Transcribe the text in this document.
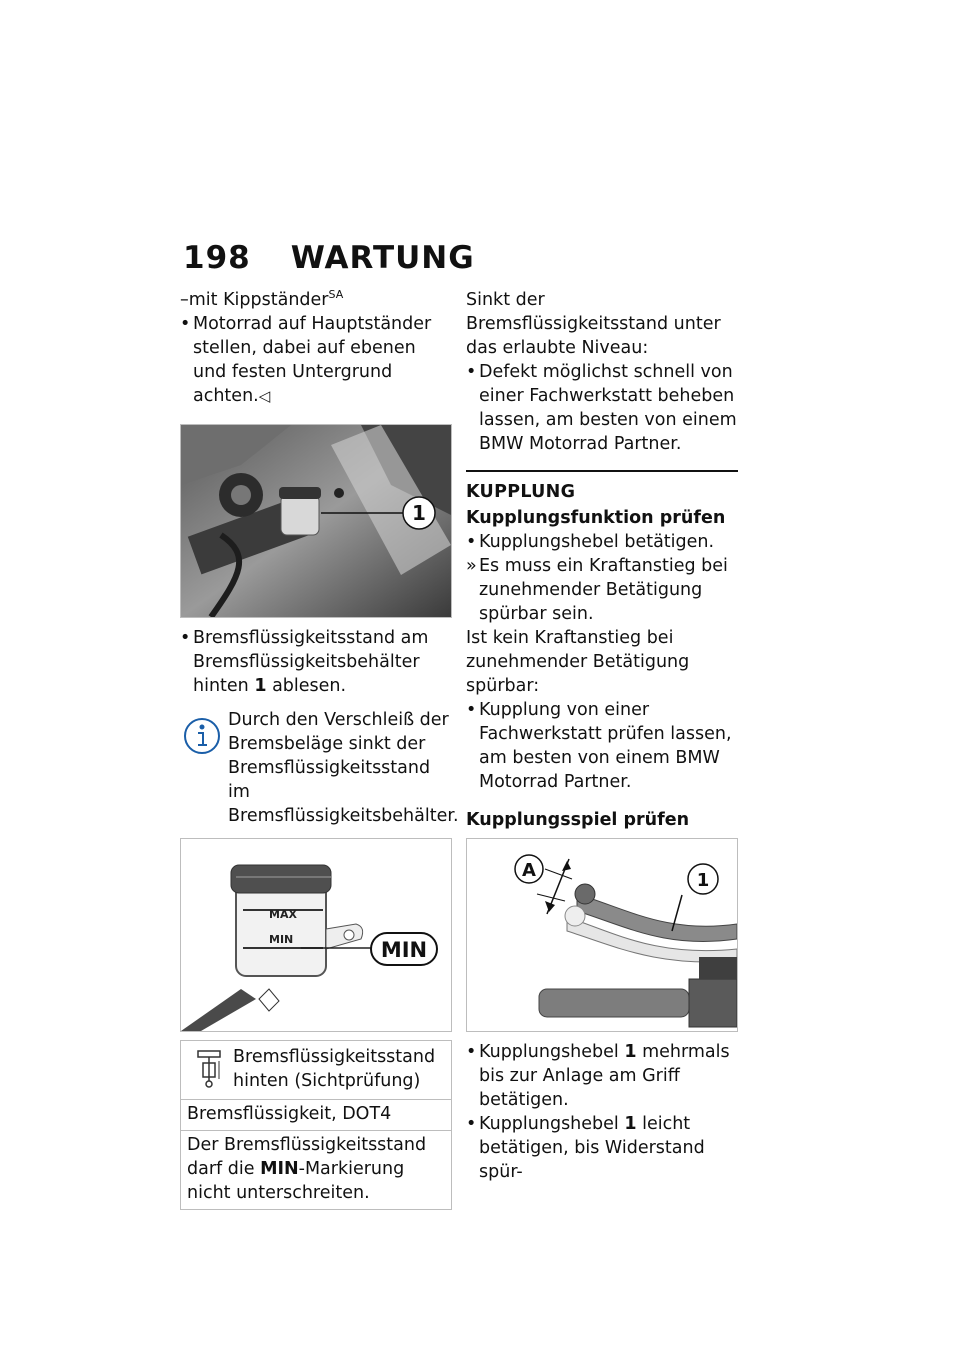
198 WARTUNG

–mit Kippständer$^{SA}$

• Motorrad auf Hauptständer stellen, dabei auf ebenen und festen Untergrund achten.◁

1

• Bremsflüssigkeitsstand am Bremsflüssigkeitsbehälter hinten 1 ablesen.

Durch den Verschleiß der Bremsbeläge sinkt der Bremsflüssigkeitsstand im Bremsflüssigkeitsbehälter.

MAX
MIN	MIN
Bremsflüssigkeitsstand hinten (Sichtprüfung)
Bremsflüssigkeit, DOT4
Der Bremsflüssigkeitsstand darf die MIN-Markierung nicht unterschreiten.

Sinkt der Bremsflüssigkeitsstand unter das erlaubte Niveau:

• Defekt möglichst schnell von einer Fachwerkstatt beheben lassen, am besten von einem BMW Motorrad Partner.

KUPPLUNG
Kupplungsfunktion prüfen

• Kupplungshebel betätigen.

» Es muss ein Kraftanstieg bei zunehmender Betätigung spürbar sein.

Ist kein Kraftanstieg bei zunehmender Betätigung spürbar:

• Kupplung von einer Fachwerkstatt prüfen lassen, am besten von einem BMW Motorrad Partner.

Kupplungsspiel prüfen
A	1

• Kupplungshebel 1 mehrmals bis zur Anlage am Griff betätigen.

• Kupplungshebel 1 leicht betätigen, bis Widerstand spür-
